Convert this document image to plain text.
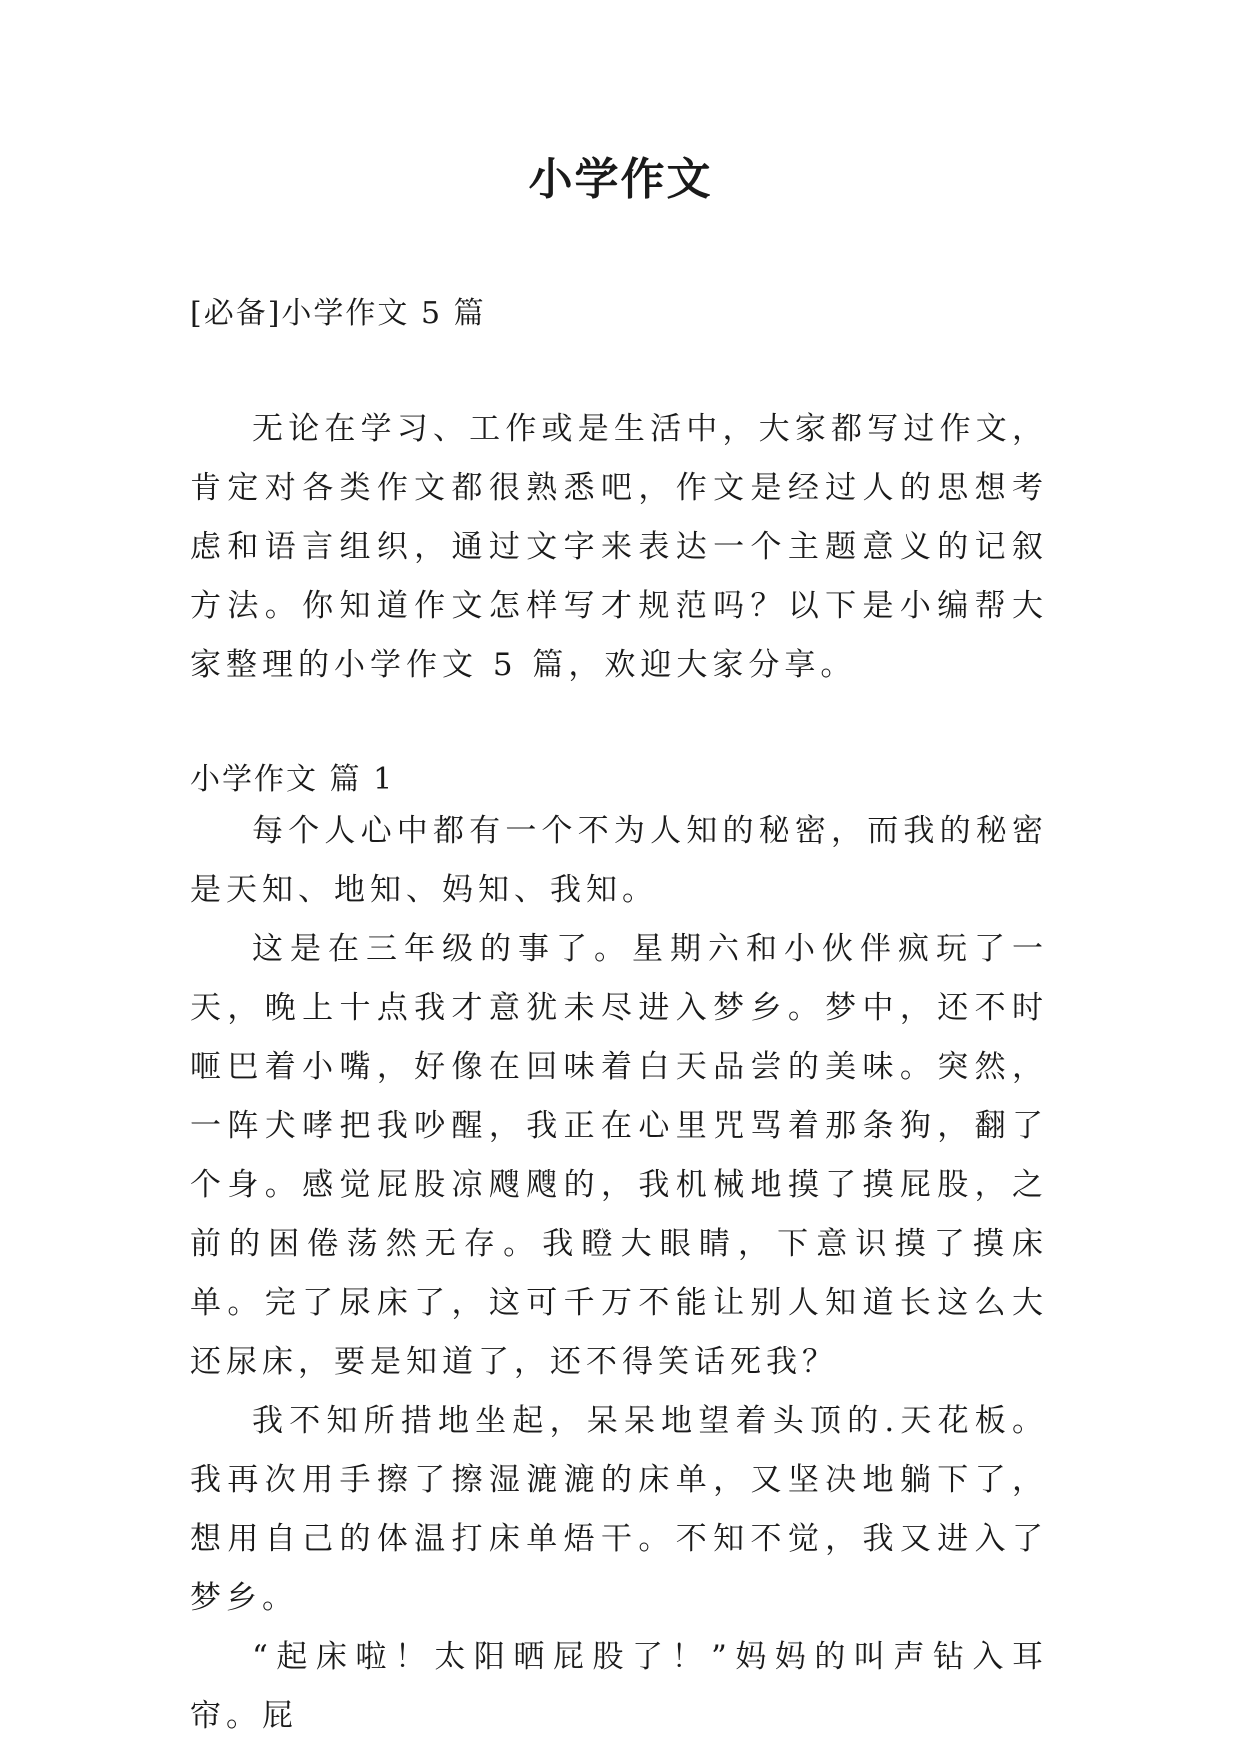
小学作文
[必备]小学作文 5 篇

无论在学习、工作或是生活中，大家都写过作文，肯定对各类作文都很熟悉吧，作文是经过人的思想考虑和语言组织，通过文字来表达一个主题意义的记叙方法。你知道作文怎样写才规范吗？以下是小编帮大家整理的小学作文 5 篇，欢迎大家分享。

小学作文 篇 1

每个人心中都有一个不为人知的秘密，而我的秘密是天知、地知、妈知、我知。

这是在三年级的事了。星期六和小伙伴疯玩了一天，晚上十点我才意犹未尽进入梦乡。梦中，还不时咂巴着小嘴，好像在回味着白天品尝的美味。突然，一阵犬哮把我吵醒，我正在心里咒骂着那条狗，翻了个身。感觉屁股凉飕飕的，我机械地摸了摸屁股，之前的困倦荡然无存。我瞪大眼睛，下意识摸了摸床单。完了尿床了，这可千万不能让别人知道长这么大还尿床，要是知道了，还不得笑话死我？

我不知所措地坐起，呆呆地望着头顶的.天花板。我再次用手擦了擦湿漉漉的床单，又坚决地躺下了，想用自己的体温打床单焐干。不知不觉，我又进入了梦乡。

“起床啦！太阳晒屁股了！”妈妈的叫声钻入耳帘。屁
